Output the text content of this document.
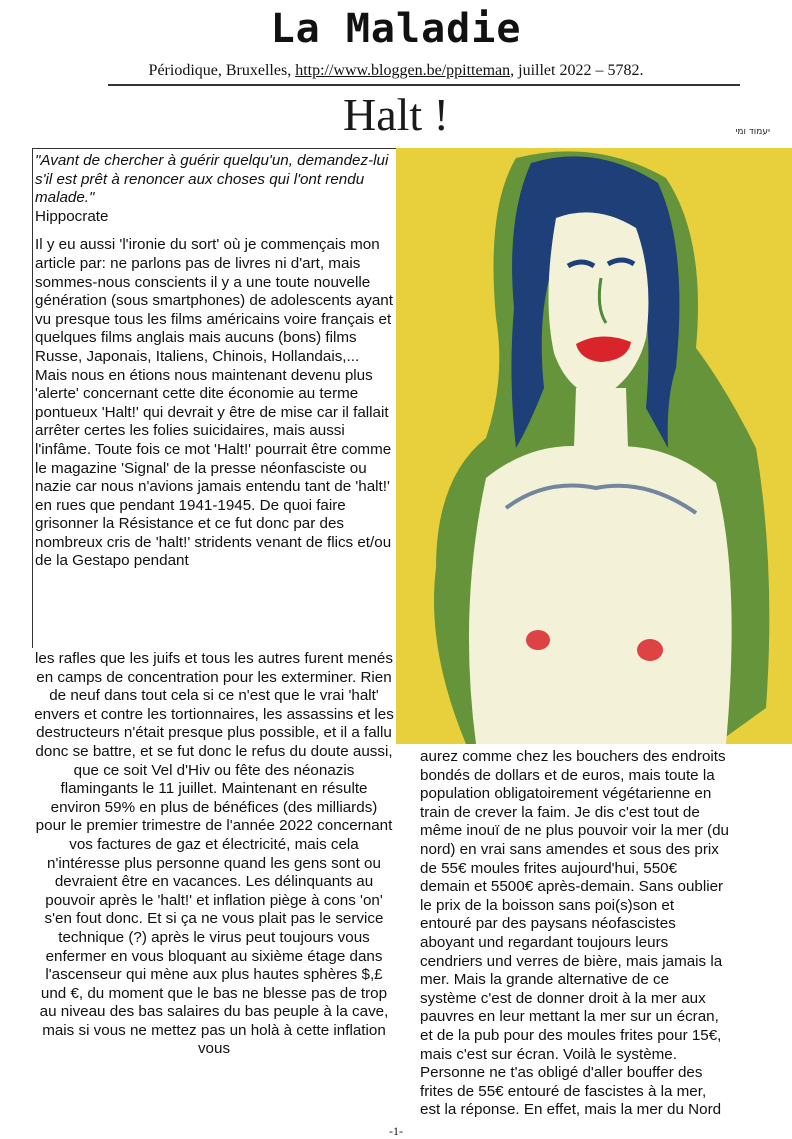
La Maladie
Périodique, Bruxelles, http://www.bloggen.be/ppitteman, juillet 2022 – 5782.
Halt !	יעמוד ומי
"Avant de chercher à guérir quelqu'un, demandez-lui s'il est prêt à renoncer aux choses qui l'ont rendu malade."
Hippocrate

Il y eu aussi 'l'ironie du sort' où je commençais mon article par: ne parlons pas de livres ni d'art, mais sommes-nous conscients il y a une toute nouvelle génération (sous smartphones) de adolescents ayant vu presque tous les films américains voire français et quelques films anglais mais aucuns (bons) films Russe, Japonais, Italiens, Chinois, Hollandais,... Mais nous en étions nous maintenant devenu plus 'alerte' concernant cette dite économie au terme pontueux 'Halt!' qui devrait y être de mise car il fallait arrêter certes les folies suicidaires, mais aussi l'infâme. Toute fois ce mot 'Halt!' pourrait être comme le magazine 'Signal' de la presse néonfasciste ou nazie car nous n'avions jamais entendu tant de 'halt!' en rues que pendant 1941-1945. De quoi faire grisonner la Résistance et ce fut donc par des nombreux cris de 'halt!' stridents venant de flics et/ou de la Gestapo pendant

les rafles que les juifs et tous les autres furent menés en camps de concentration pour les exterminer. Rien de neuf dans tout cela si ce n'est que le vrai 'halt' envers et contre les tortionnaires, les assassins et les destructeurs n'était presque plus possible, et il a fallu donc se battre, et se fut donc le refus du doute aussi, que ce soit Vel d'Hiv ou fête des néonazis flamingants le 11 juillet. Maintenant en résulte environ 59% en plus de bénéfices (des milliards) pour le premier trimestre de l'année 2022 concernant vos factures de gaz et électricité, mais cela n'intéresse plus personne quand les gens sont ou devraient être en vacances. Les délinquants au pouvoir après le 'halt!' et inflation piège à cons 'on' s'en fout donc. Et si ça ne vous plait pas le service technique (?) après le virus peut toujours vous enfermer en vous bloquant au sixième étage dans l'ascenseur qui mène aux plus hautes sphères $,£ und €, du moment que le bas ne blesse pas de trop au niveau des bas salaires du bas peuple à la cave, mais si vous ne mettez pas un holà à cette inflation vous

aurez comme chez les bouchers des endroits
bondés de dollars et de euros, mais toute la
population obligatoirement végétarienne en
train de crever la faim. Je dis c'est tout de
même inouï de ne plus pouvoir voir la mer (du
nord) en vrai sans amendes et sous des prix
de 55€ moules frites aujourd'hui, 550€
demain et 5500€ après-demain. Sans oublier
le prix de la boisson sans poi(s)son et
entouré par des paysans néofascistes
aboyant und regardant toujours leurs
cendriers und verres de bière, mais jamais la
mer. Mais la grande alternative de ce
système c'est de donner droit à la mer aux
pauvres en leur mettant la mer sur un écran,
et de la pub pour des moules frites pour 15€,
mais c'est sur écran. Voilà le système.
Personne ne t'as obligé d'aller bouffer des
frites de 55€ entouré de fascistes à la mer,
est la réponse. En effet, mais la mer du Nord
-1-
